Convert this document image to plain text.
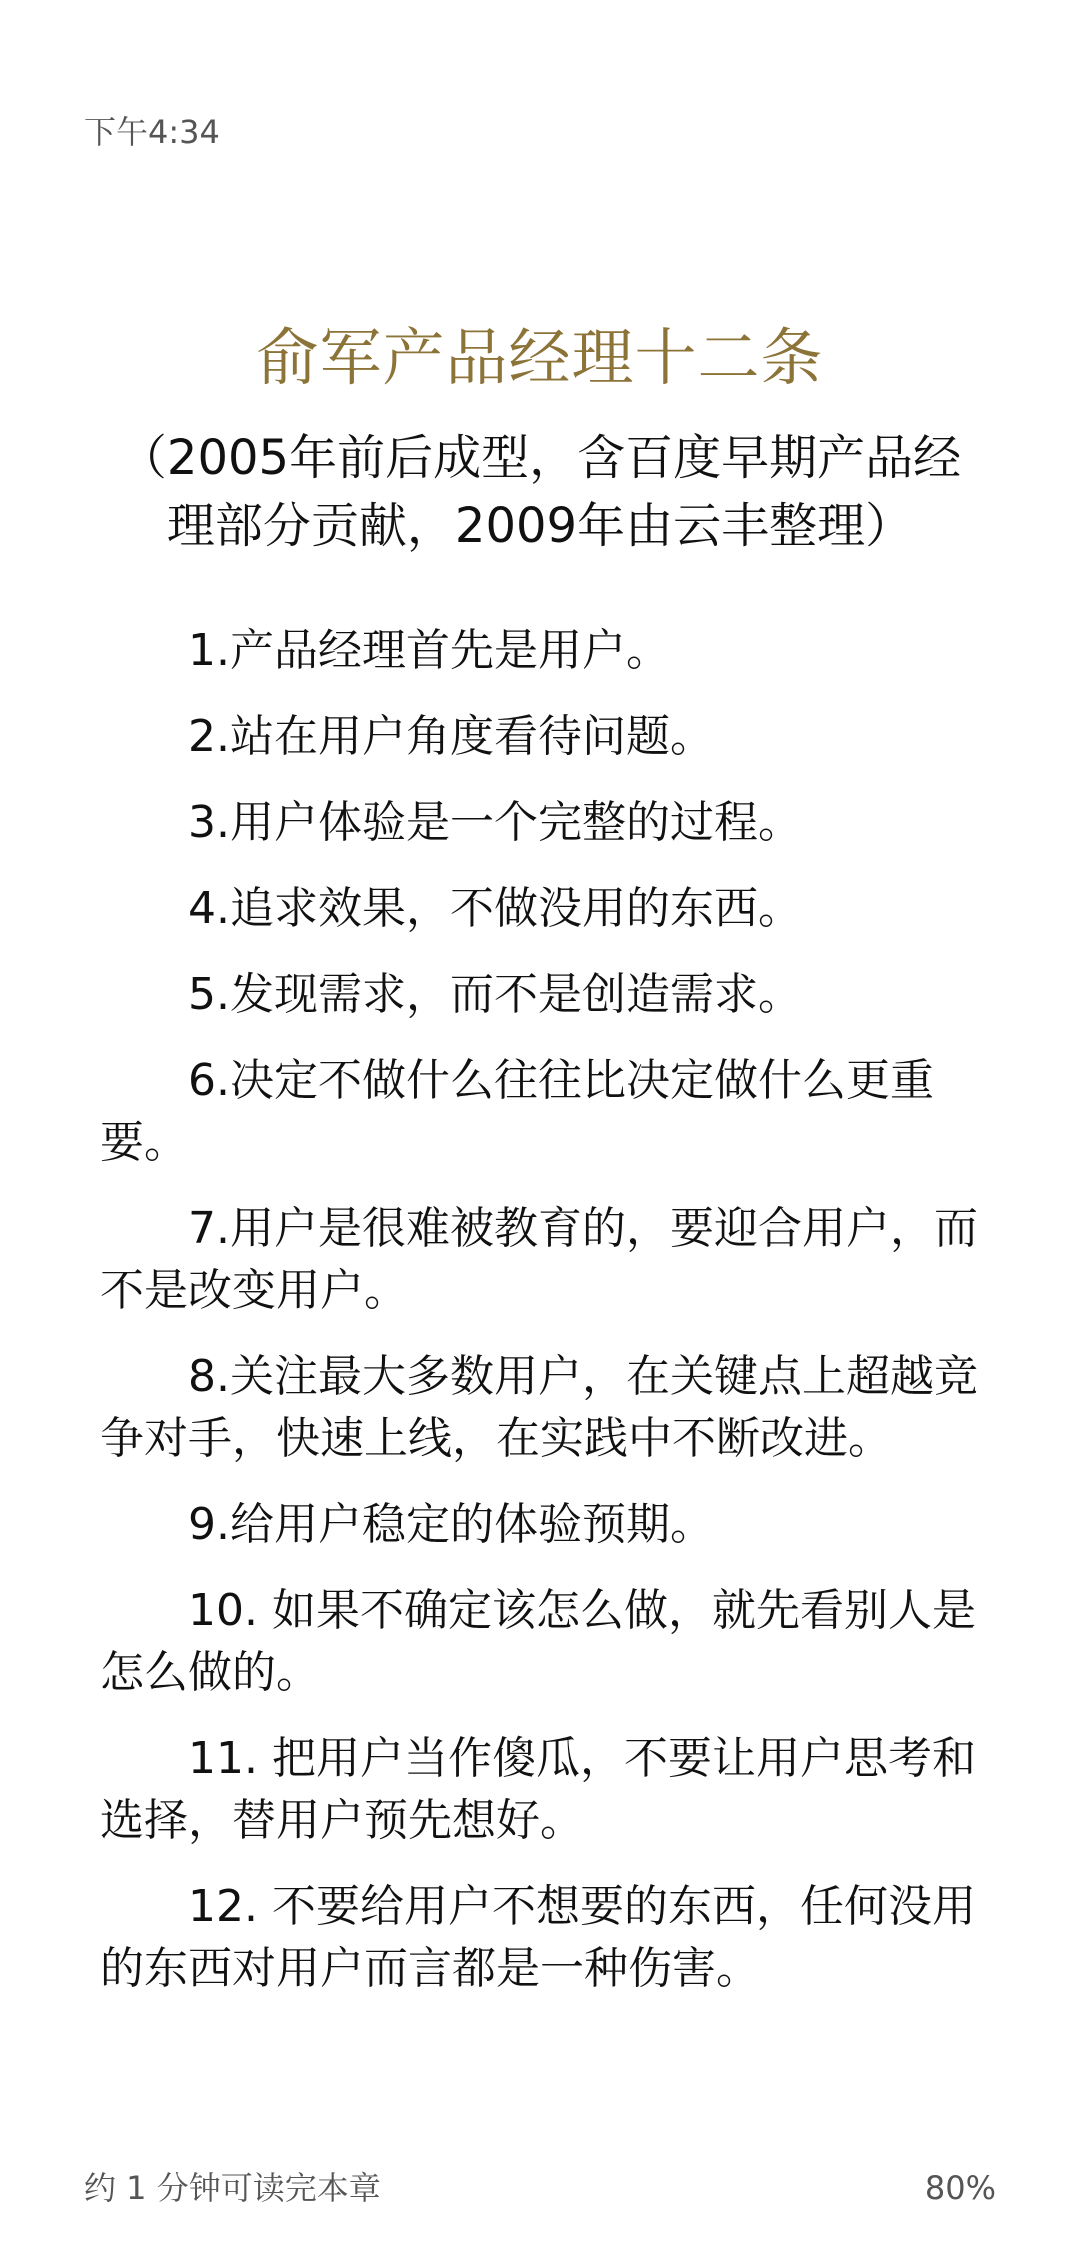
下午4:34
俞军产品经理十二条
（2005年前后成型，含百度早期产品经理部分贡献，2009年由云丰整理）

1.产品经理首先是用户。

2.站在用户角度看待问题。

3.用户体验是一个完整的过程。

4.追求效果，不做没用的东西。

5.发现需求，而不是创造需求。

6.决定不做什么往往比决定做什么更重要。

7.用户是很难被教育的，要迎合用户，而不是改变用户。

8.关注最大多数用户，在关键点上超越竞争对手，快速上线，在实践中不断改进。

9.给用户稳定的体验预期。

10. 如果不确定该怎么做，就先看别人是怎么做的。

11. 把用户当作傻瓜，不要让用户思考和选择，替用户预先想好。

12. 不要给用户不想要的东西，任何没用的东西对用户而言都是一种伤害。

约 1 分钟可读完本章	80%
